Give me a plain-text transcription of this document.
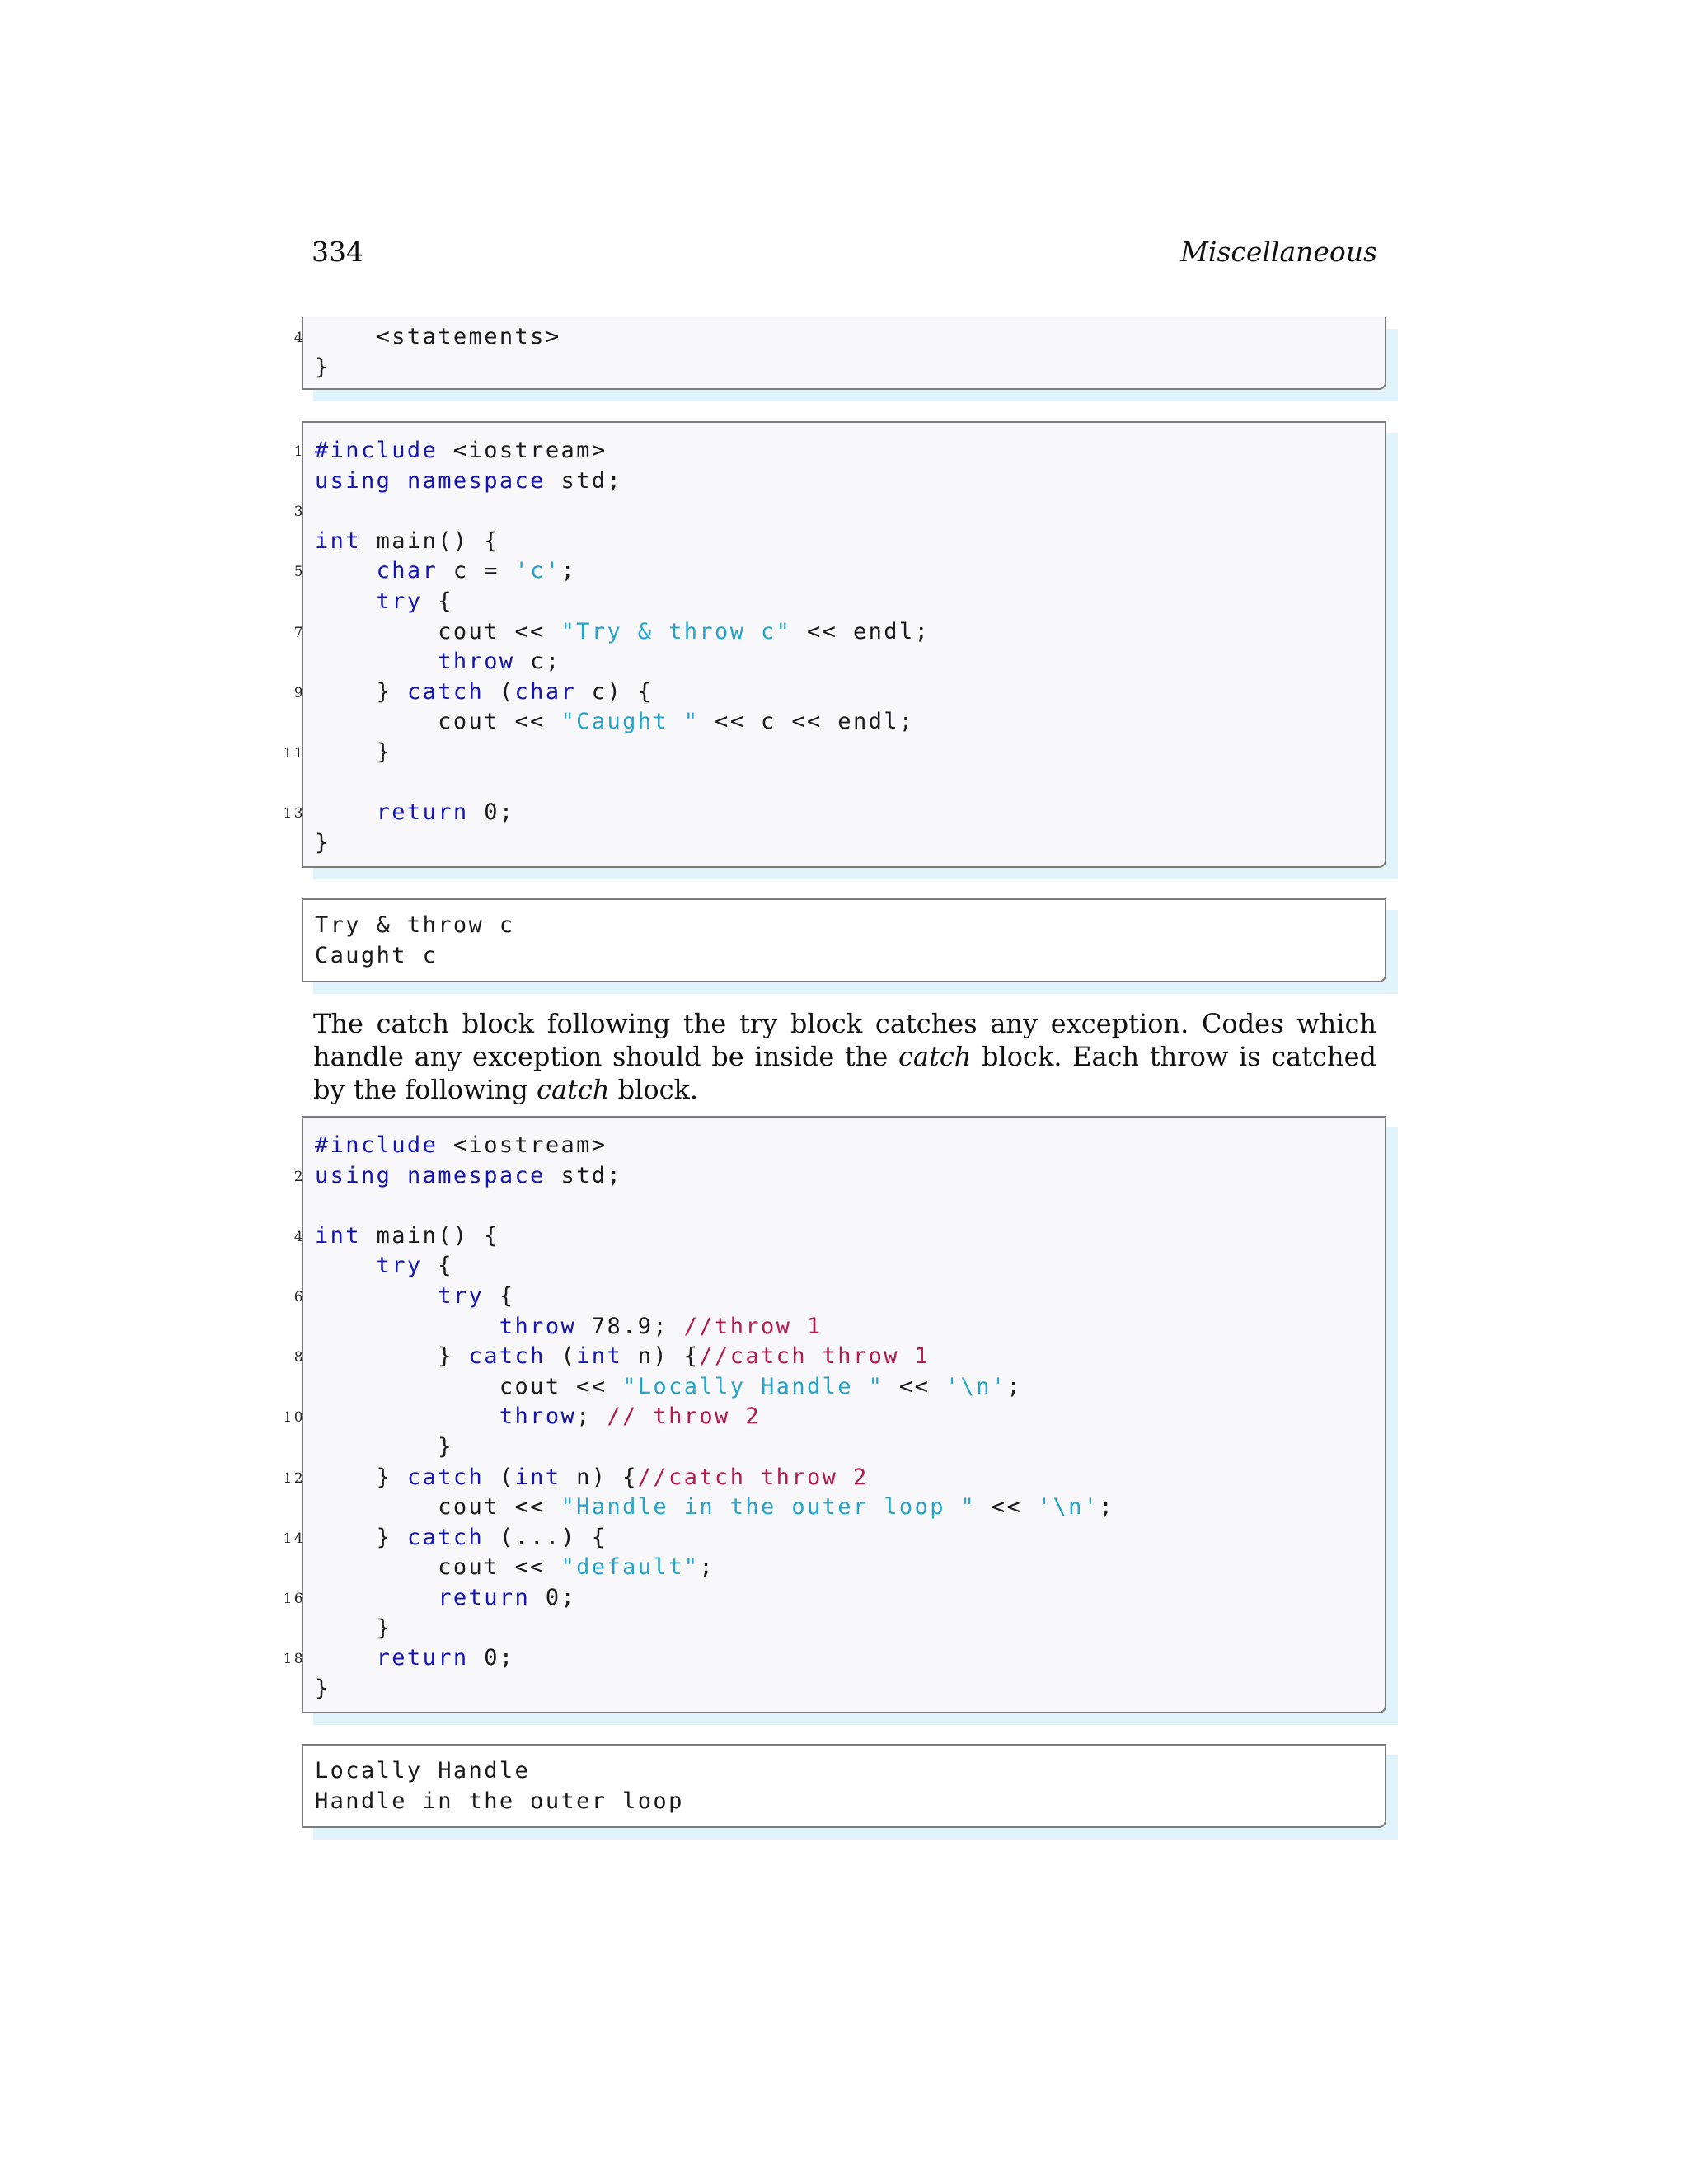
334	Miscellaneous
4 <statements>
}
1 #include <iostream>
using namespace std;
3
int main() {
5	char c = 'c';
try {
7 cout << "Try & throw c" << endl;
throw c;
9 } catch (char c) {
cout << "Caught " << c << endl;
11 }
13	return 0;
}
Try & throw c
Caught c
The catch block following the try block catches any exception. Codes which handle any exception should be inside the catch block. Each throw is catched by the following catch block.
#include <iostream>
2 using namespace std;
4 int main() {
try {
6	try {
throw 78.9; //throw 1
8 } catch (int n) {//catch throw 1
cout << "Locally Handle " << '\n';
10	throw; // throw 2
}
12 } catch (int n) {//catch throw 2
cout << "Handle in the outer loop " << '\n';
14 } catch (...) {
cout << "default";
16	return 0;
}
18	return 0;
}
Locally Handle
Handle in the outer loop
